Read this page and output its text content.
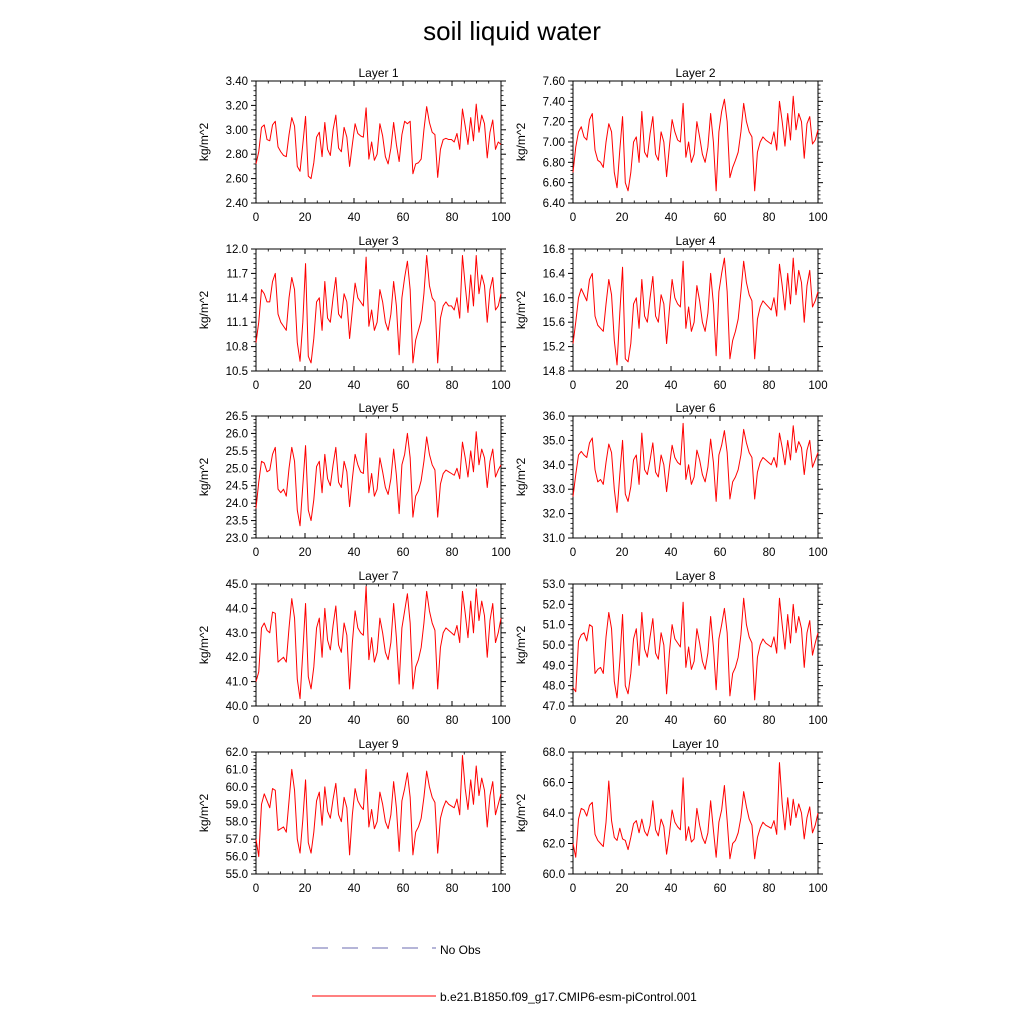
soil liquid water
Layer 1
2.40
2.60
2.80
3.00
3.20
3.40
0	20	40	60	80	100
kg/m^2
Layer 2
6.40
6.60
6.80
7.00
7.20
7.40
7.60
0	20	40	60	80	100
kg/m^2
Layer 3
10.5
10.8
11.1
11.4
11.7
12.0
0	20	40	60	80	100
kg/m^2
Layer 4
14.8
15.2
15.6
16.0
16.4
16.8
0	20	40	60	80	100
kg/m^2
Layer 5
23.0
23.5
24.0
24.5
25.0
25.5
26.0
26.5
0	20	40	60	80	100
kg/m^2
Layer 6
31.0
32.0
33.0
34.0
35.0
36.0
0	20	40	60	80	100
kg/m^2
Layer 7
40.0
41.0
42.0
43.0
44.0
45.0
0	20	40	60	80	100
kg/m^2
Layer 8
47.0
48.0
49.0
50.0
51.0
52.0
53.0
0	20	40	60	80	100
kg/m^2
Layer 9
55.0
56.0
57.0
58.0
59.0
60.0
61.0
62.0
0	20	40	60	80	100
kg/m^2
Layer 10
60.0
62.0
64.0
66.0
68.0
0	20	40	60	80	100
kg/m^2
No Obs
b.e21.B1850.f09_g17.CMIP6-esm-piControl.001
